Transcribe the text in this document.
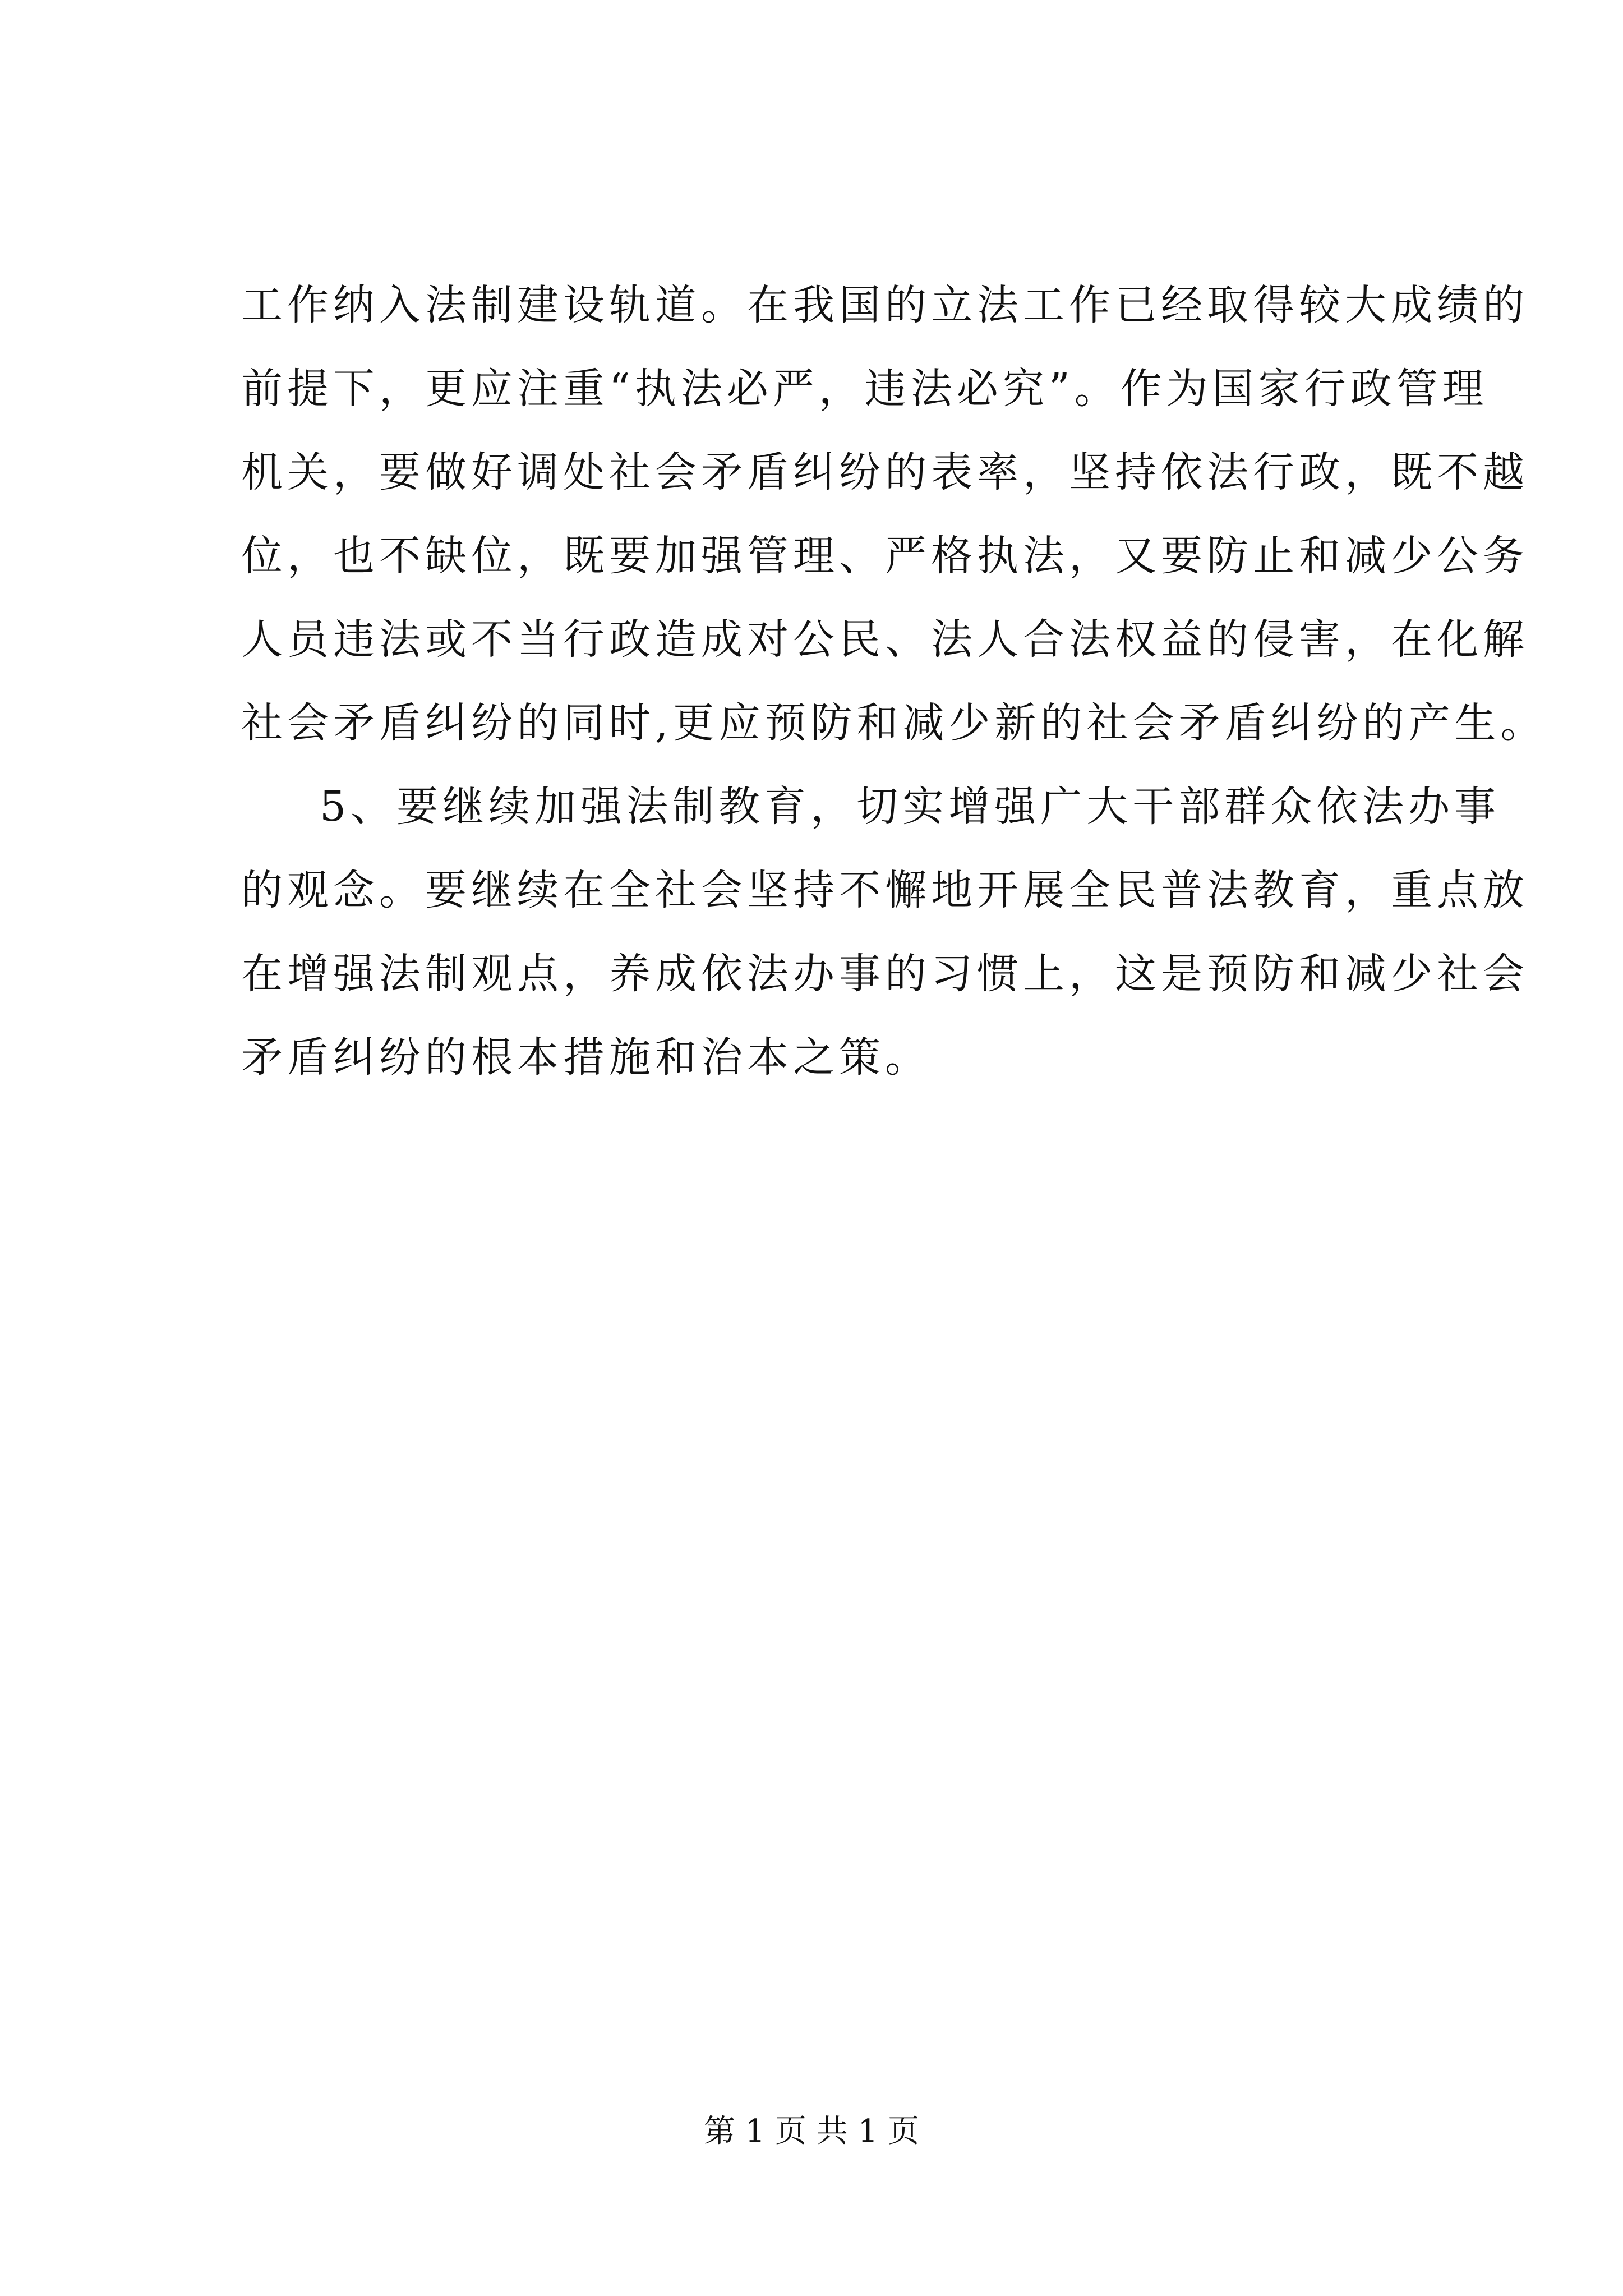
工作纳入法制建设轨道。在我国的立法工作已经取得较大成绩的
前提下，更应注重“执法必严，违法必究”。作为国家行政管理
机关，要做好调处社会矛盾纠纷的表率，坚持依法行政，既不越
位，也不缺位，既要加强管理、严格执法，又要防止和减少公务
人员违法或不当行政造成对公民、法人合法权益的侵害，在化解
社会矛盾纠纷的同时,更应预防和减少新的社会矛盾纠纷的产生。
5、要继续加强法制教育，切实增强广大干部群众依法办事
的观念。要继续在全社会坚持不懈地开展全民普法教育，重点放
在增强法制观点，养成依法办事的习惯上，这是预防和减少社会
矛盾纠纷的根本措施和治本之策。
第 1 页 共 1 页
